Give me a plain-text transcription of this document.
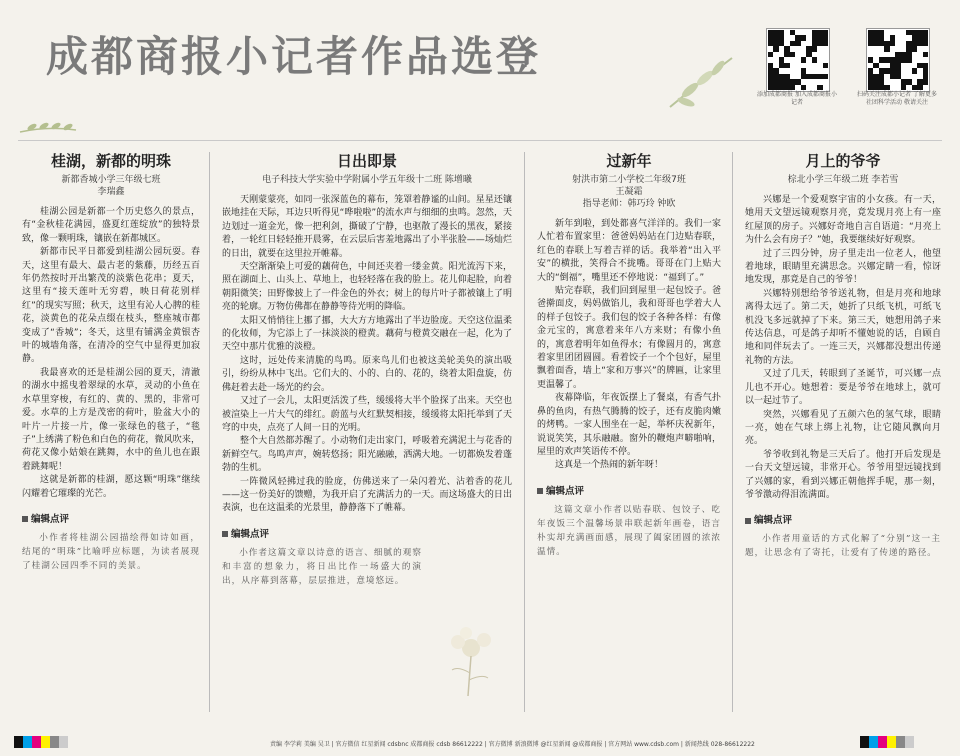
成都商报小记者作品选登
添加成都商报 加入成都商报小记者
扫码关注成都小记者 了解更多社团科学活动 敬请关注
桂湖，新都的明珠
新都香城小学三年级七班
李瑞鑫

桂湖公园是新都一个历史悠久的景点，有“金秋桂花满园，盛夏红莲绽放”的独特景致，像一颗明珠，镶嵌在新都城区。

新都市民平日都爱到桂湖公园玩耍。春天，这里有最大、最古老的紫藤，历经五百年仍然按时开出繁茂的淡紫色花串；夏天，这里有“接天莲叶无穷碧，映日荷花别样红”的现实写照；秋天，这里有沁人心脾的桂花，淡黄色的花朵点缀在枝头，整座城市都变成了“香城”；冬天，这里有铺满金黄银杏叶的城墙角落，在清冷的空气中显得更加寂静。

我最喜欢的还是桂湖公园的夏天，清澈的湖水中摇曳着翠绿的水草，灵动的小鱼在水草里穿梭，有红的、黄的、黑的，非常可爱。水草的上方是茂密的荷叶，脸盆大小的叶片一片接一片，像一张绿色的毯子，“毯子”上绣满了粉色和白色的荷花，微风吹来，荷花又像小姑娘在跳舞，水中的鱼儿也在跟着跳舞呢！

这就是新都的桂湖，愿这颗“明珠”继续闪耀着它璀璨的光芒。

编辑点评
小作者将桂湖公园描绘得如诗如画，结尾的“明珠”比喻呼应标题，为读者展现了桂湖公园四季不同的美景。
日出即景
电子科技大学实验中学附属小学五年级十二班 陈增曦

天刚蒙蒙亮，如同一张深蓝色的幕布，笼罩着静谧的山间。星星还镶嵌地挂在天际，耳边只听得见“哗啦啦”的流水声与细细的虫鸣。忽然，天边划过一道金光，像一把利剑，撕破了宁静，也驱散了漫长的黑夜，紧接着，一轮红日轻轻推开晨雾，在云层后害羞地露出了小半张脸——场灿烂的日出，就要在这里拉开帷幕。

天空渐渐染上可爱的藕荷色，中间还夹着一缕金黄。阳光流泻下来，照在湖面上、山头上、草地上，也轻轻落在我的脸上。花儿仰起脸，向着朝阳微笑；田野像披上了一件金色的外衣；树上的每片叶子都被镶上了明亮的轮廓。万物仿佛都在静静等待光明的降临。

太阳又悄悄往上挪了挪，大大方方地露出了半边脸庞。天空这位温柔的化妆师，为它添上了一抹淡淡的橙黄。藕荷与橙黄交融在一起，化为了天空中那片优雅的淡橙。

这时，远处传来清脆的鸟鸣。原来鸟儿们也被这美轮美奂的演出吸引，纷纷从林中飞出。它们大的、小的、白的、花的，绕着太阳盘旋，仿佛赶着去赴一场光的约会。

又过了一会儿，太阳更活泼了些，缓缓将大半个脸探了出来。天空也被渲染上一片大气的绯红。蔚蓝与火红默契相接，缓缓将太阳托举到了天穹的中央，点亮了人间一日的光明。

整个大自然都苏醒了。小动物们走出家门，呼吸着充满泥土与花香的新鲜空气。鸟鸣声声，婉转悠扬；阳光融融，洒满大地。一切都焕发着蓬勃的生机。

一阵微风轻拂过我的脸庞，仿佛送来了一朵闪着光、沾着香的花儿——这一份美好的馈赠，为我开启了充满活力的一天。而这场盛大的日出表演，也在这温柔的光景里，静静落下了帷幕。

编辑点评
小作者这篇文章以诗意的语言、细腻的观察和丰富的想象力，将日出比作一场盛大的演出，从序幕到落幕，层层推进，意境悠远。
过新年
射洪市第二小学校二年级7班
王凝霜
指导老师：韩巧玲 钟欧

新年到啦，到处都喜气洋洋的。我们一家人忙着布置家里：爸爸妈妈站在门边贴春联，红色的春联上写着吉祥的话。我举着“出入平安”的横批，笑得合不拢嘴。哥哥在门上贴大大的“倒福”，嘴里还不停地说：“福到了。”

贴完春联，我们回到屋里一起包饺子。爸爸擀面皮，妈妈做馅儿，我和哥哥也学着大人的样子包饺子。我们包的饺子各种各样：有像金元宝的，寓意着来年八方来财；有像小鱼的，寓意着明年如鱼得水；有像圆月的，寓意着家里团团圆圆。看着饺子一个个包好，屋里飘着面香，墙上“家和万事兴”的牌匾，让家里更温馨了。

夜幕降临，年夜饭摆上了餐桌，有香气扑鼻的鱼肉，有热气腾腾的饺子，还有皮脆肉嫩的烤鸭。一家人围坐在一起，举杯庆祝新年，说说笑笑，其乐融融。窗外的鞭炮声噼啪响，屋里的欢声笑语传不停。

这真是一个热闹的新年呀！

编辑点评
这篇文章小作者以贴春联、包饺子、吃年夜饭三个温馨场景串联起新年画卷，语言朴实却充满画面感，展现了阖家团圆的浓浓温情。
月上的爷爷
棕北小学三年级二班 李若雪

兴娜是一个爱观察宇宙的小女孩。有一天，她用天文望远镜观察月亮，竟发现月亮上有一座红屋顶的房子。兴娜好奇地自言自语道：“月亮上为什么会有房子？”她，我要继续好好观察。

过了三四分钟，房子里走出一位老人，他望着地球，眼睛里充满思念。兴娜定睛一看，惊讶地发现，那竟是自己的爷爷！

兴娜特别想给爷爷送礼物，但是月亮和地球离得太远了。第二天，她折了只纸飞机，可纸飞机没飞多远就掉了下来。第三天，她想用鸽子来传达信息，可是鸽子却听不懂她说的话，自顾自地和同伴玩去了。一连三天，兴娜都没想出传递礼物的方法。

又过了几天，转眼到了圣诞节，可兴娜一点儿也不开心。她想着：要是爷爷在地球上，就可以一起过节了。

突然，兴娜看见了五颜六色的氢气球，眼睛一亮，她在气球上绑上礼物，让它随风飘向月亮。

爷爷收到礼物是三天后了。他打开后发现是一台天文望远镜，非常开心。爷爷用望远镜找到了兴娜的家，看到兴娜正朝他挥手呢，那一刻，爷爷激动得泪流满面。

编辑点评
小作者用童话的方式化解了“分别”这一主题，让思念有了寄托，让爱有了传递的路径。
责编 李学莉 美编 吴卫 | 官方微信 红星新闻 cdsbnc 成都商报 cdsb 86612222 | 官方微博 新浪微博 @红星新闻 @成都商报 | 官方网站 www.cdsb.com | 新闻热线 028-86612222
